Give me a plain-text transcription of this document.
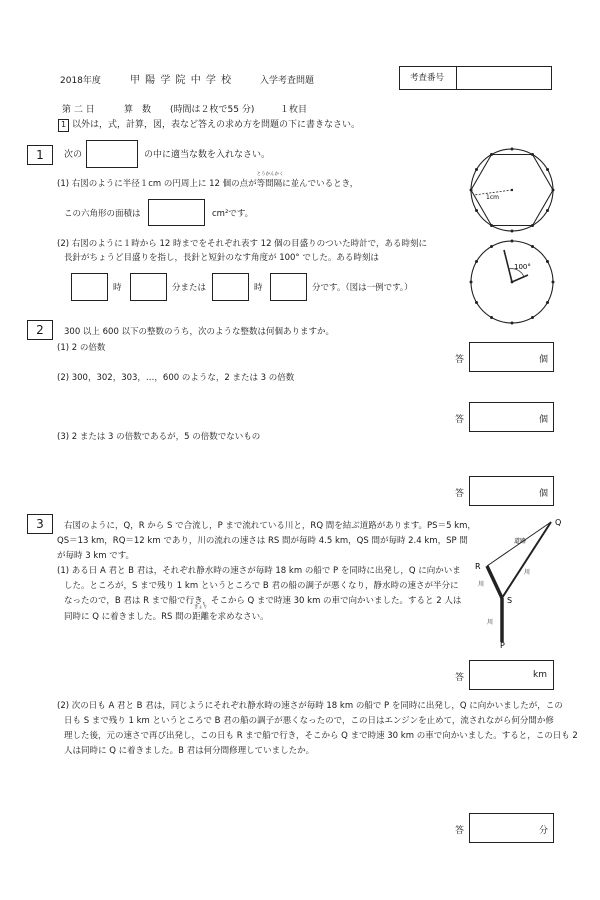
2018年度	甲 陽 学 院 中 学 校	入学考査問題	考査番号
第 二 日	算　数 (時間は２枚で55 分)	１枚目
1 以外は，式，計算，図，表など答えの求め方を問題の下に書きなさい。
1	次の	の中に適当な数を入れなさい。
(1) 右図のように半径１cm の円周上に 12 個の点が
とうかんかく
等間隔に並んでいるとき，
この六角形の面積は	cm²です。
(2) 右図のように１時から 12 時までをそれぞれ表す 12 個の目盛りのついた時計で，ある時刻に
長針がちょうど目盛りを指し，長針と短針のなす角度が 100° でした。ある時刻は
時	分または	時	分です。（図は一例です。）
1cm
100°
2	300 以上 600 以下の整数のうち，次のような整数は何個ありますか。
(1) 2 の倍数
(2) 300，302，303，…，600 のような，2 または 3 の倍数
(3) 2 または 3 の倍数であるが，5 の倍数でないもの
答	個
答	個
答	個
3	右図のように，Q，R から S で合流し，P まで流れている川と，RQ 間を結ぶ道路があります。PS＝5 km，
QS＝13 km，RQ＝12 km であり，川の流れの速さは RS 間が毎時 4.5 km，QS 間が毎時 2.4 km，SP 間
が毎時 3 km です。
(1) ある日 A 君と B 君は，それぞれ静水時の速さが毎時 18 km の船で P を同時に出発し，Q に向かいま
した。ところが，S まで残り 1 km というところで B 君の船の調子が悪くなり，静水時の速さが半分に
なったので，B 君は R まで船で行き，そこから Q まで時速 30 km の車で向かいました。すると 2 人は
同時に Q に着きました。RS 間の
きょり
距離を求めなさい。
Q
R
S
P
道路
川
川
川
答	km
(2) 次の日も A 君と B 君は，同じようにそれぞれ静水時の速さが毎時 18 km の船で P を同時に出発し，Q に向かいましたが，この
日も S まで残り 1 km というところで B 君の船の調子が悪くなったので，この日はエンジンを止めて，流されながら何分間か修
理した後，元の速さで再び出発し，この日も R まで船で行き，そこから Q まで時速 30 km の車で向かいました。すると，この日も 2
人は同時に Q に着きました。B 君は何分間修理していましたか。
答	分
